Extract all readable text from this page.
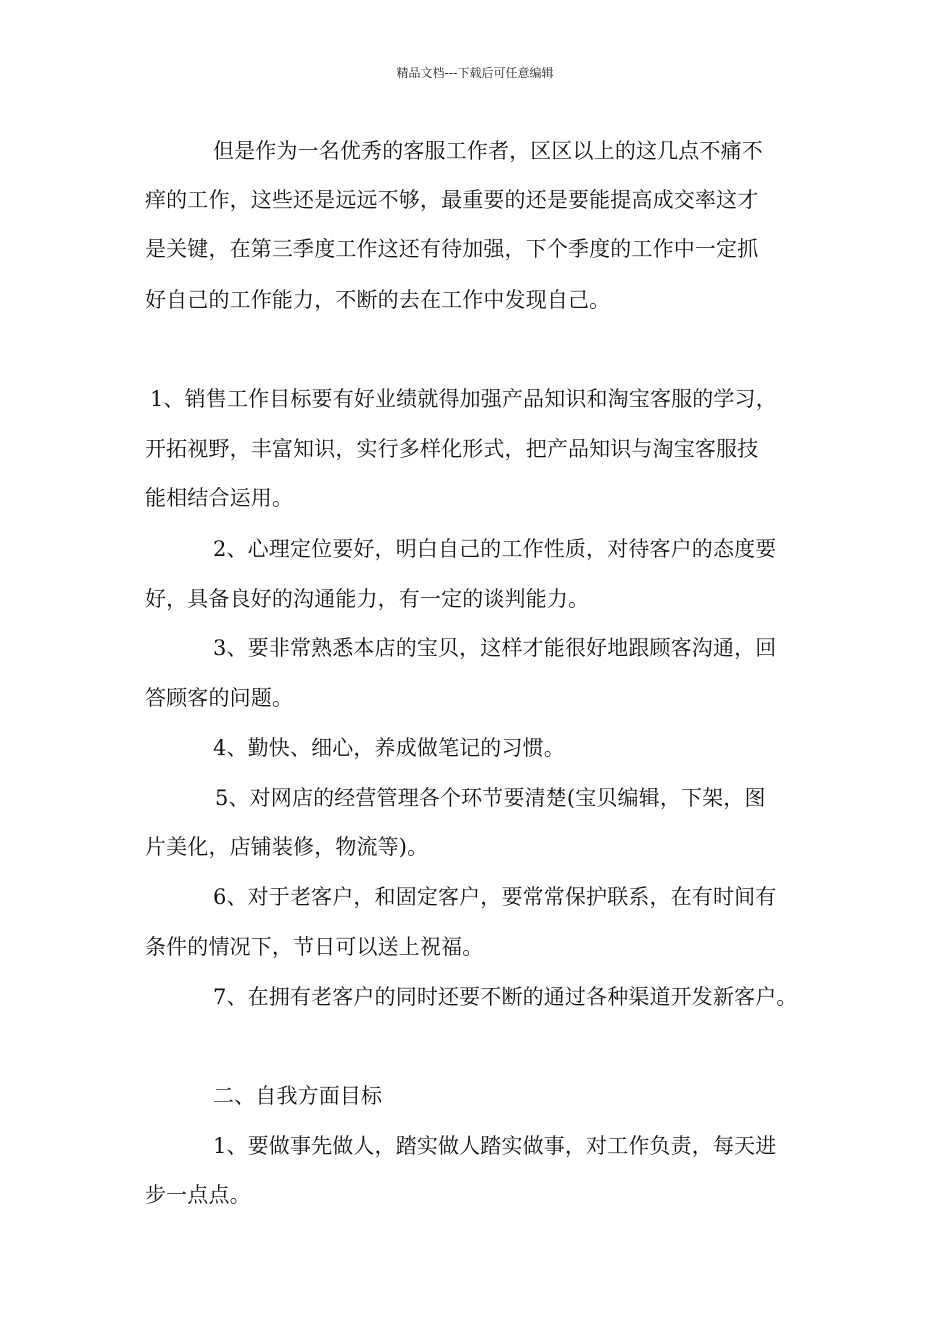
精品文档---下载后可任意编辑
但是作为一名优秀的客服工作者，区区以上的这几点不痛不
痒的工作，这些还是远远不够，最重要的还是要能提高成交率这才
是关键，在第三季度工作这还有待加强，下个季度的工作中一定抓
好自己的工作能力，不断的去在工作中发现自己。
1、销售工作目标要有好业绩就得加强产品知识和淘宝客服的学习，
开拓视野，丰富知识，实行多样化形式，把产品知识与淘宝客服技
能相结合运用。
2、心理定位要好，明白自己的工作性质，对待客户的态度要
好，具备良好的沟通能力，有一定的谈判能力。
3、要非常熟悉本店的宝贝，这样才能很好地跟顾客沟通，回
答顾客的问题。
4、勤快、细心，养成做笔记的习惯。
5、对网店的经营管理各个环节要清楚(宝贝编辑，下架，图
片美化，店铺装修，物流等)。
6、对于老客户，和固定客户，要常常保护联系，在有时间有
条件的情况下，节日可以送上祝福。
7、在拥有老客户的同时还要不断的通过各种渠道开发新客户。
二、自我方面目标
1、要做事先做人，踏实做人踏实做事，对工作负责，每天进
步一点点。
